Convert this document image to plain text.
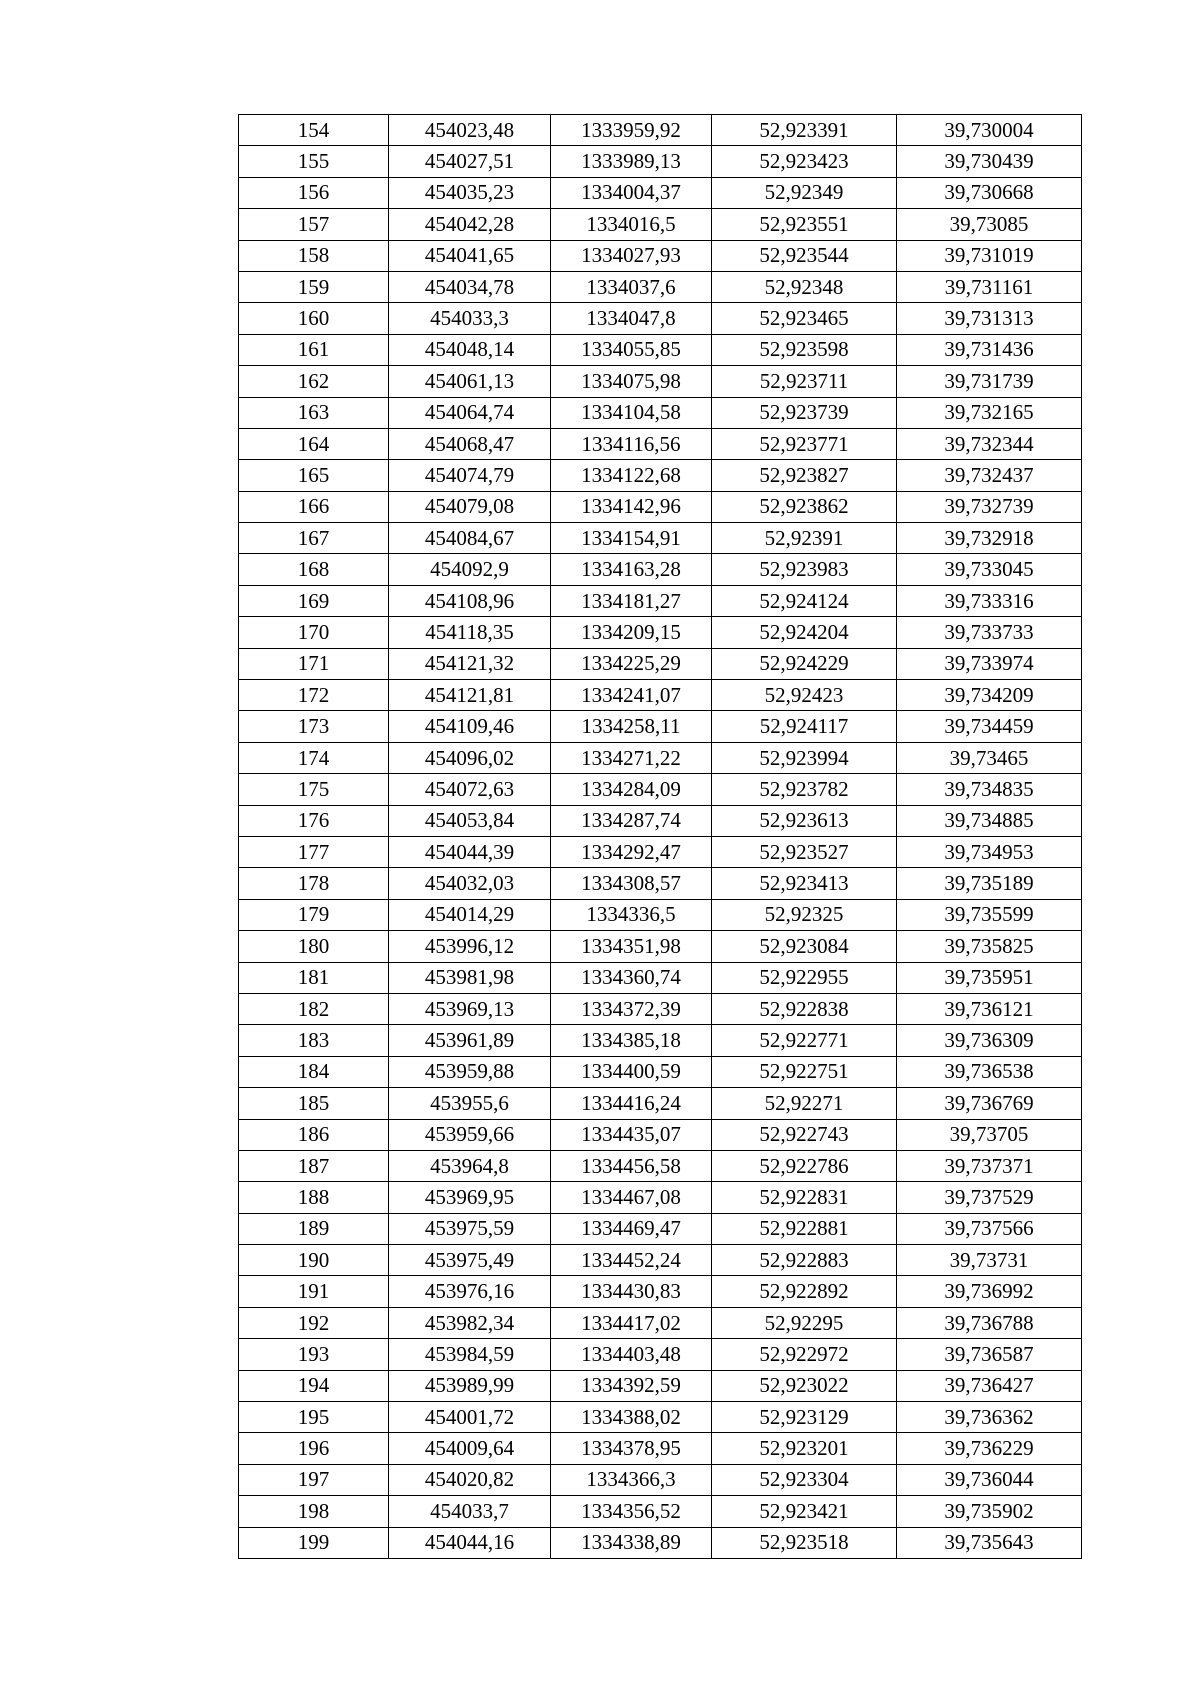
154	454023,48	1333959,92	52,923391	39,730004
155	454027,51	1333989,13	52,923423	39,730439
156	454035,23	1334004,37	52,92349	39,730668
157	454042,28	1334016,5	52,923551	39,73085
158	454041,65	1334027,93	52,923544	39,731019
159	454034,78	1334037,6	52,92348	39,731161
160	454033,3	1334047,8	52,923465	39,731313
161	454048,14	1334055,85	52,923598	39,731436
162	454061,13	1334075,98	52,923711	39,731739
163	454064,74	1334104,58	52,923739	39,732165
164	454068,47	1334116,56	52,923771	39,732344
165	454074,79	1334122,68	52,923827	39,732437
166	454079,08	1334142,96	52,923862	39,732739
167	454084,67	1334154,91	52,92391	39,732918
168	454092,9	1334163,28	52,923983	39,733045
169	454108,96	1334181,27	52,924124	39,733316
170	454118,35	1334209,15	52,924204	39,733733
171	454121,32	1334225,29	52,924229	39,733974
172	454121,81	1334241,07	52,92423	39,734209
173	454109,46	1334258,11	52,924117	39,734459
174	454096,02	1334271,22	52,923994	39,73465
175	454072,63	1334284,09	52,923782	39,734835
176	454053,84	1334287,74	52,923613	39,734885
177	454044,39	1334292,47	52,923527	39,734953
178	454032,03	1334308,57	52,923413	39,735189
179	454014,29	1334336,5	52,92325	39,735599
180	453996,12	1334351,98	52,923084	39,735825
181	453981,98	1334360,74	52,922955	39,735951
182	453969,13	1334372,39	52,922838	39,736121
183	453961,89	1334385,18	52,922771	39,736309
184	453959,88	1334400,59	52,922751	39,736538
185	453955,6	1334416,24	52,92271	39,736769
186	453959,66	1334435,07	52,922743	39,73705
187	453964,8	1334456,58	52,922786	39,737371
188	453969,95	1334467,08	52,922831	39,737529
189	453975,59	1334469,47	52,922881	39,737566
190	453975,49	1334452,24	52,922883	39,73731
191	453976,16	1334430,83	52,922892	39,736992
192	453982,34	1334417,02	52,92295	39,736788
193	453984,59	1334403,48	52,922972	39,736587
194	453989,99	1334392,59	52,923022	39,736427
195	454001,72	1334388,02	52,923129	39,736362
196	454009,64	1334378,95	52,923201	39,736229
197	454020,82	1334366,3	52,923304	39,736044
198	454033,7	1334356,52	52,923421	39,735902
199	454044,16	1334338,89	52,923518	39,735643
